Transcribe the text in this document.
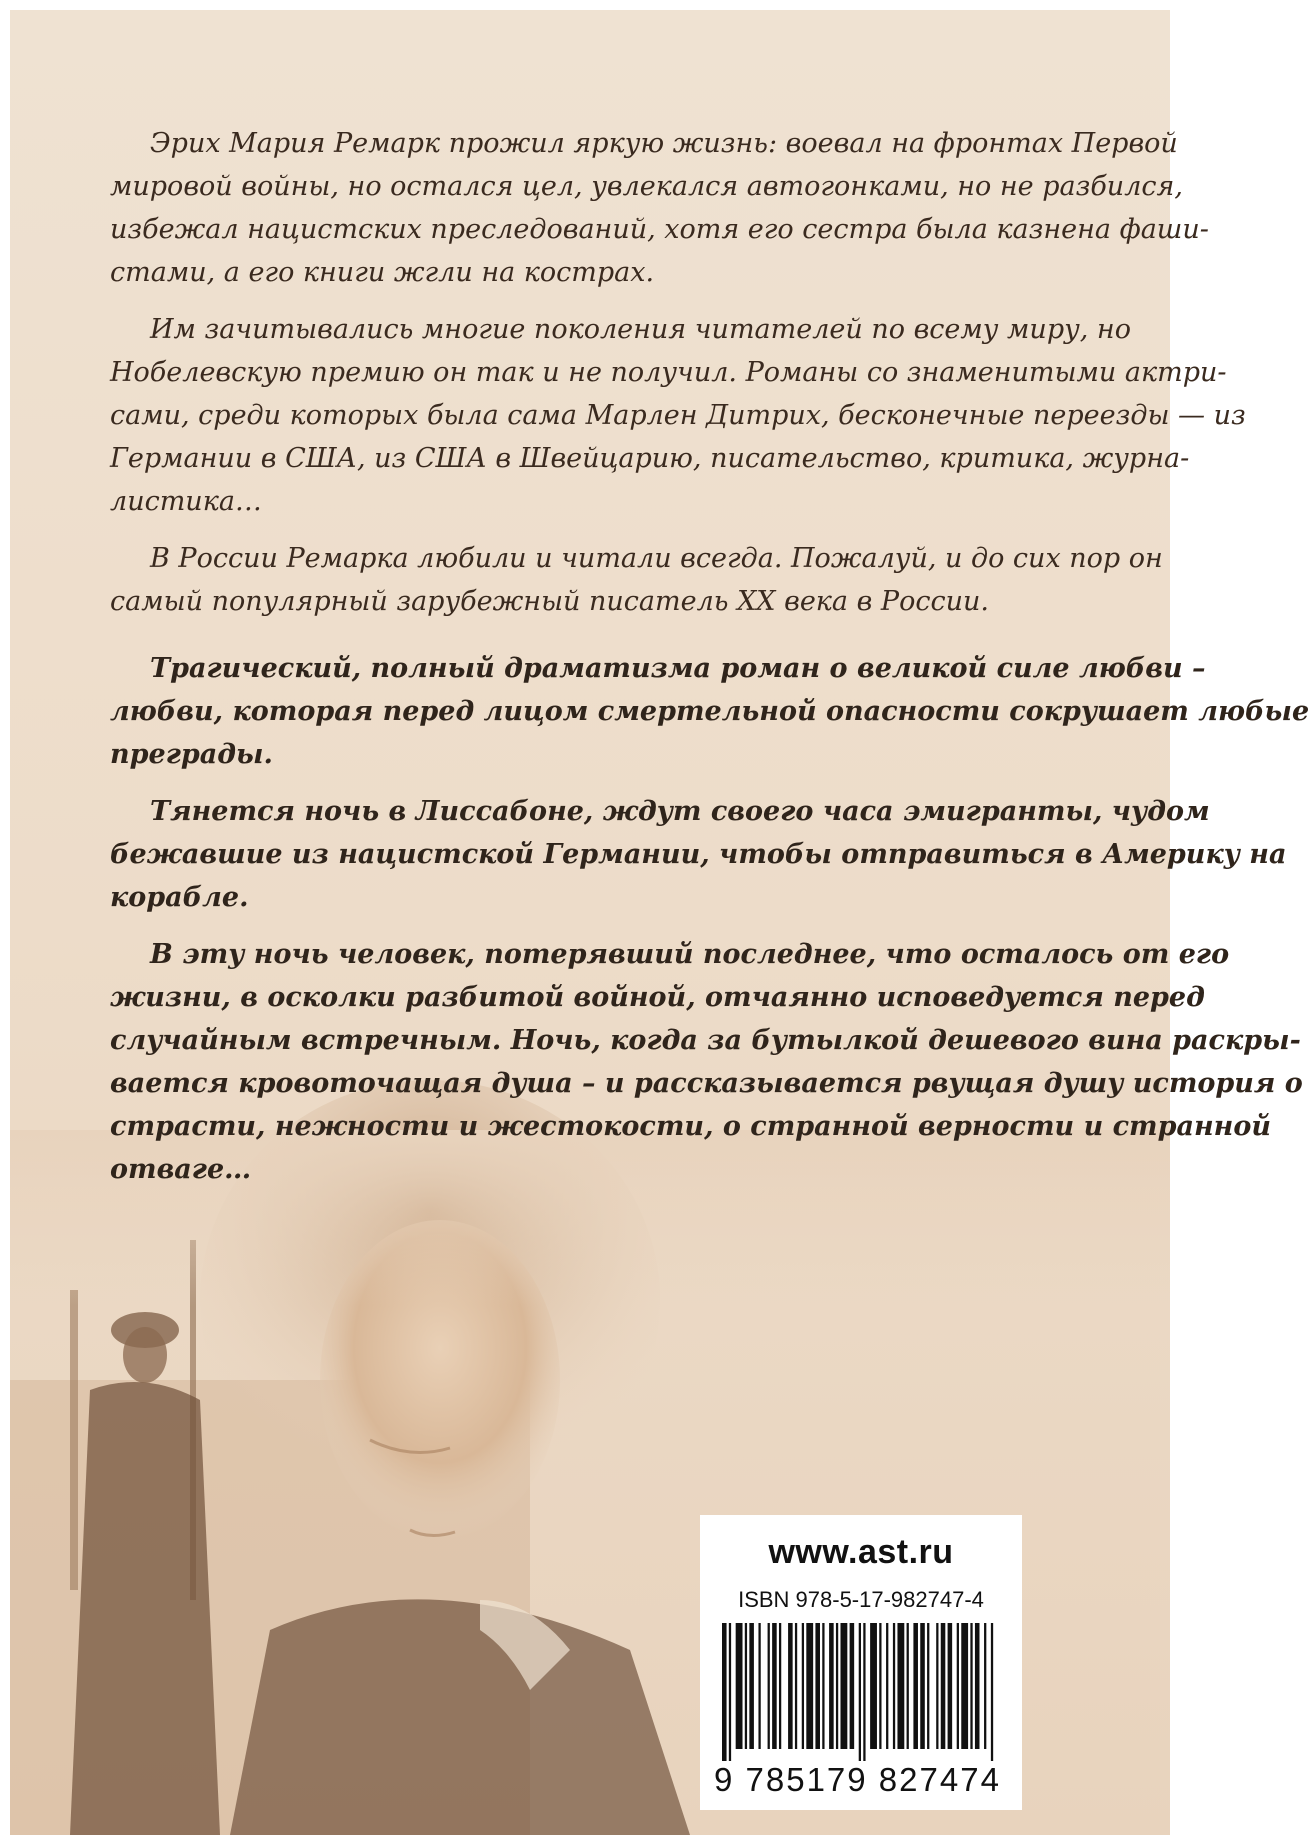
Эрих Мария Ремарк прожил яркую жизнь: воевал на фронтах Первой
мировой войны, но остался цел, увлекался автогонками, но не разбился,
избежал нацистских преследований, хотя его сестра была казнена фаши-
стами, а его книги жгли на кострах.
Им зачитывались многие поколения читателей по всему миру, но
Нобелевскую премию он так и не получил. Романы со знаменитыми актри-
сами, среди которых была сама Марлен Дитрих, бесконечные переезды — из
Германии в США, из США в Швейцарию, писательство, критика, журна-
листика…
В России Ремарка любили и читали всегда. Пожалуй, и до сих пор он
самый популярный зарубежный писатель XX века в России.
Трагический, полный драматизма роман о великой силе любви –
любви, которая перед лицом смертельной опасности сокрушает любые
преграды.
Тянется ночь в Лиссабоне, ждут своего часа эмигранты, чудом
бежавшие из нацистской Германии, чтобы отправиться в Америку на
корабле.
В эту ночь человек, потерявший последнее, что осталось от его
жизни, в осколки разбитой войной, отчаянно исповедуется перед
случайным встречным. Ночь, когда за бутылкой дешевого вина раскры-
вается кровоточащая душа – и рассказывается рвущая душу история о
страсти, нежности и жестокости, о странной верности и странной
отваге…
www.ast.ru
ISBN 978-5-17-982747-4
9 785179 827474
